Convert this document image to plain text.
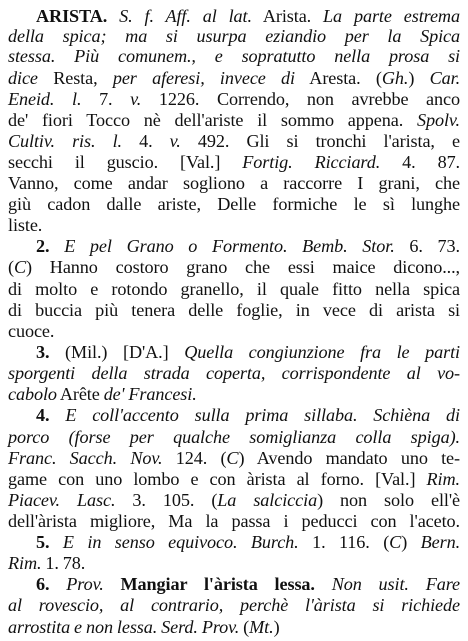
ARISTA. S. f. Aff. al lat. Arista. La parte estrema
della spica; ma si usurpa eziandio per la Spica
stessa. Più comunem., e sopratutto nella prosa si
dice Resta, per aferesi, invece di Aresta. (Gh.) Car.
Eneid. l. 7. v. 1226. Correndo, non avrebbe anco
de' fiori Tocco nè dell'ariste il sommo appena. Spolv.
Cultiv. ris. l. 4. v. 492. Gli si tronchi l'arista, e
secchi il guscio. [Val.] Fortig. Ricciard. 4. 87.
Vanno, come andar sogliono a raccorre I grani, che
giù cadon dalle ariste, Delle formiche le sì lunghe
liste.
2. E pel Grano o Formento. Bemb. Stor. 6. 73.
(C) Hanno costoro grano che essi maice dicono...,
di molto e rotondo granello, il quale fitto nella spica
di buccia più tenera delle foglie, in vece di arista si
cuoce.
3. (Mil.) [D'A.] Quella congiunzione fra le parti
sporgenti della strada coperta, corrispondente al vo-
cabolo Arête de' Francesi.
4. E coll'accento sulla prima sillaba. Schièna di
porco (forse per qualche somiglianza colla spiga).
Franc. Sacch. Nov. 124. (C) Avendo mandato uno te-
game con uno lombo e con àrista al forno. [Val.] Rim.
Piacev. Lasc. 3. 105. (La salciccia) non solo ell'è
dell'àrista migliore, Ma la passa i peducci con l'aceto.
5. E in senso equivoco. Burch. 1. 116. (C) Bern.
Rim. 1. 78.
6. Prov. Mangiar l'àrista lessa. Non usit. Fare
al rovescio, al contrario, perchè l'àrista si richiede
arrostita e non lessa. Serd. Prov. (Mt.)
